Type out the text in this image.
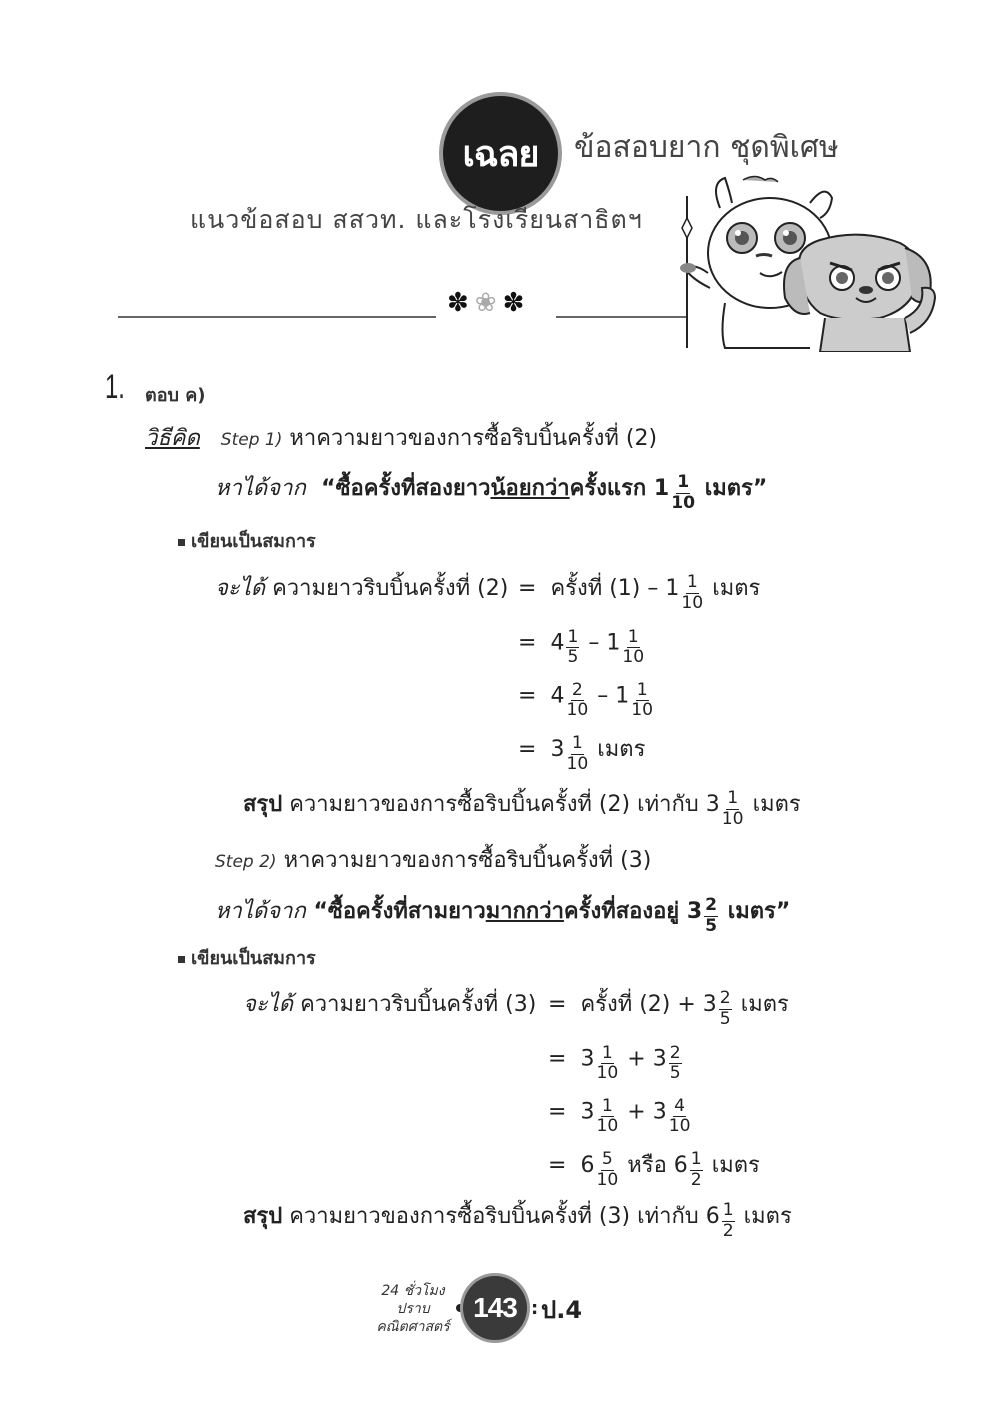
เฉลย ข้อสอบยาก ชุดพิเศษ
แนวข้อสอบ สสวท. และโรงเรียนสาธิตฯ
✽❀✽
1. ตอบ ค)
วิธีคิด Step 1) หาความยาวของการซื้อริบบิ้นครั้งที่ (2)
หาได้จาก “ซื้อครั้งที่สองยาวน้อยกว่าครั้งแรก $1 \frac{1}{10}$ เมตร”
เขียนเป็นสมการ
จะได้ ความยาวริบบิ้นครั้งที่ (2) = ครั้งที่ $(1) - 1 \frac{1}{10}$ เมตร
= $4 \frac{1}{5} - 1 \frac{1}{10}$
= $4 \frac{2}{10} - 1 \frac{1}{10}$
= $3 \frac{1}{10}$ เมตร
สรุป ความยาวของการซื้อริบบิ้นครั้งที่ (2) เท่ากับ $3 \frac{1}{10}$ เมตร
Step 2) หาความยาวของการซื้อริบบิ้นครั้งที่ (3)
หาได้จาก “ซื้อครั้งที่สามยาวมากกว่าครั้งที่สองอยู่ $3 \frac{2}{5}$ เมตร”
เขียนเป็นสมการ
จะได้ ความยาวริบบิ้นครั้งที่ (3) = ครั้งที่ $(2) + 3 \frac{2}{5}$ เมตร
= $3 \frac{1}{10} + 3 \frac{2}{5}$
= $3 \frac{1}{10} + 3 \frac{4}{10}$
= $6 \frac{5}{10}$ หรือ $6 \frac{1}{2}$ เมตร
สรุป ความยาวของการซื้อริบบิ้นครั้งที่ (3) เท่ากับ $6 \frac{1}{2}$ เมตร
24 ชั่วโมง
ปราบ
คณิตศาสตร์
143 : ป.4
